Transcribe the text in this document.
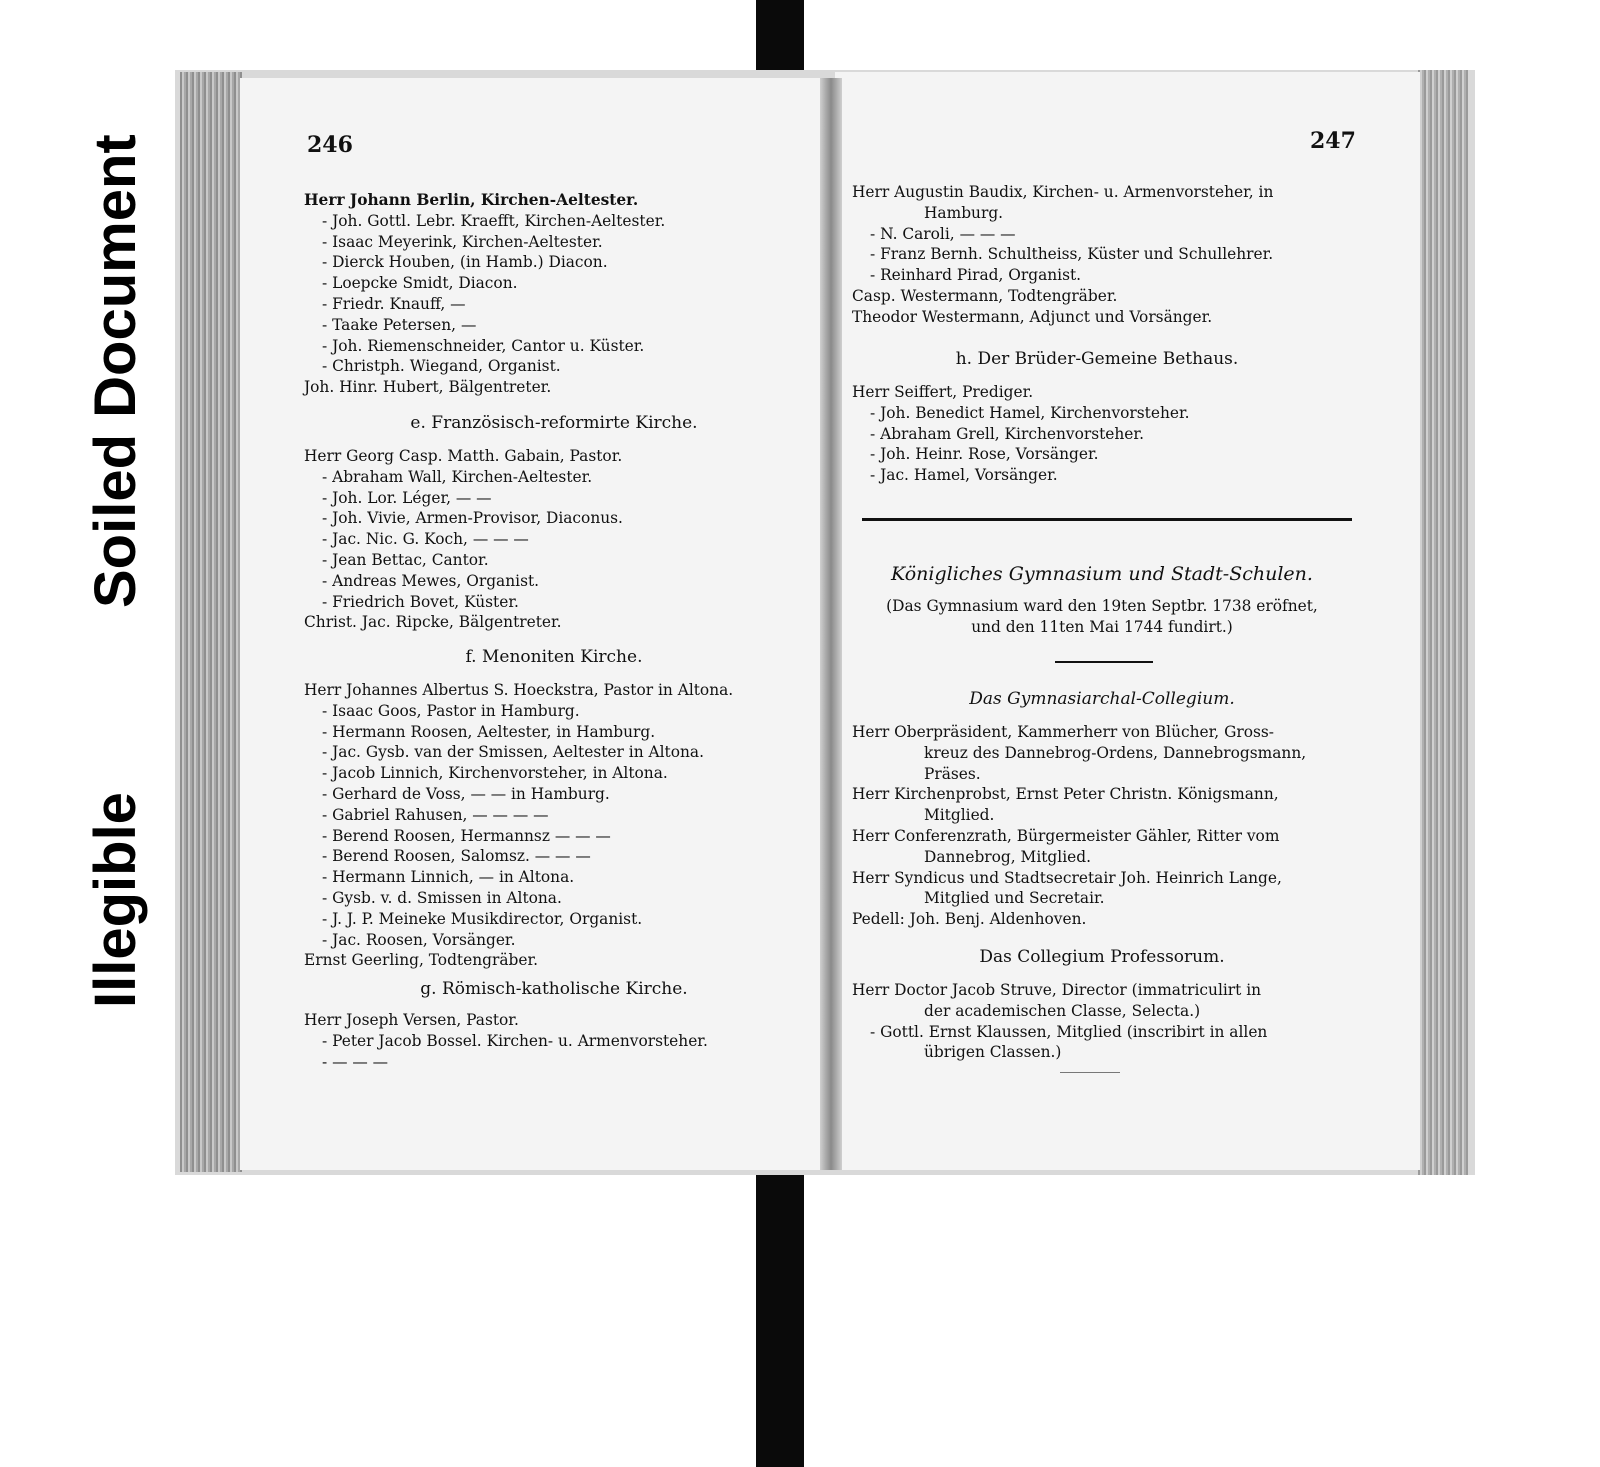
Soiled Document
Illegible
246	247
Herr Johann Berlin, Kirchen-Aeltester.
- Joh. Gottl. Lebr. Kraefft, Kirchen-Aeltester.
- Isaac Meyerink, Kirchen-Aeltester.
- Dierck Houben, (in Hamb.) Diacon.
- Loepcke Smidt, Diacon.
- Friedr. Knauff, —
- Taake Petersen, —
- Joh. Riemenschneider, Cantor u. Küster.
- Christph. Wiegand, Organist.
Joh. Hinr. Hubert, Bälgentreter.
e. Französisch-reformirte Kirche.
Herr Georg Casp. Matth. Gabain, Pastor.
- Abraham Wall, Kirchen-Aeltester.
- Joh. Lor. Léger, — —
- Joh. Vivie, Armen-Provisor, Diaconus.
- Jac. Nic. G. Koch, — — —
- Jean Bettac, Cantor.
- Andreas Mewes, Organist.
- Friedrich Bovet, Küster.
Christ. Jac. Ripcke, Bälgentreter.
f. Menoniten Kirche.
Herr Johannes Albertus S. Hoeckstra, Pastor in Altona.
- Isaac Goos, Pastor in Hamburg.
- Hermann Roosen, Aeltester, in Hamburg.
- Jac. Gysb. van der Smissen, Aeltester in Altona.
- Jacob Linnich, Kirchenvorsteher, in Altona.
- Gerhard de Voss, — — in Hamburg.
- Gabriel Rahusen, — — — —
- Berend Roosen, Hermannsz — — —
- Berend Roosen, Salomsz. — — —
- Hermann Linnich, — in Altona.
- Gysb. v. d. Smissen in Altona.
- J. J. P. Meineke Musikdirector, Organist.
- Jac. Roosen, Vorsänger.
Ernst Geerling, Todtengräber.
g. Römisch-katholische Kirche.
Herr Joseph Versen, Pastor.
- Peter Jacob Bossel. Kirchen- u. Armenvorsteher.
- — — —
Herr Augustin Baudix, Kirchen- u. Armenvorsteher, in
Hamburg.
- N. Caroli, — — —
- Franz Bernh. Schultheiss, Küster und Schullehrer.
- Reinhard Pirad, Organist.
Casp. Westermann, Todtengräber.
Theodor Westermann, Adjunct und Vorsänger.
h. Der Brüder-Gemeine Bethaus.
Herr Seiffert, Prediger.
- Joh. Benedict Hamel, Kirchenvorsteher.
- Abraham Grell, Kirchenvorsteher.
- Joh. Heinr. Rose, Vorsänger.
- Jac. Hamel, Vorsänger.
Königliches Gymnasium und Stadt-Schulen.
(Das Gymnasium ward den 19ten Septbr. 1738 eröfnet,
und den 11ten Mai 1744 fundirt.)
Das Gymnasiarchal-Collegium.
Herr Oberpräsident, Kammerherr von Blücher, Gross-
kreuz des Dannebrog-Ordens, Dannebrogsmann,
Präses.
Herr Kirchenprobst, Ernst Peter Christn. Königsmann,
Mitglied.
Herr Conferenzrath, Bürgermeister Gähler, Ritter vom
Dannebrog, Mitglied.
Herr Syndicus und Stadtsecretair Joh. Heinrich Lange,
Mitglied und Secretair.
Pedell: Joh. Benj. Aldenhoven.
Das Collegium Professorum.
Herr Doctor Jacob Struve, Director (immatriculirt in
der academischen Classe, Selecta.)
- Gottl. Ernst Klaussen, Mitglied (inscribirt in allen
übrigen Classen.)
